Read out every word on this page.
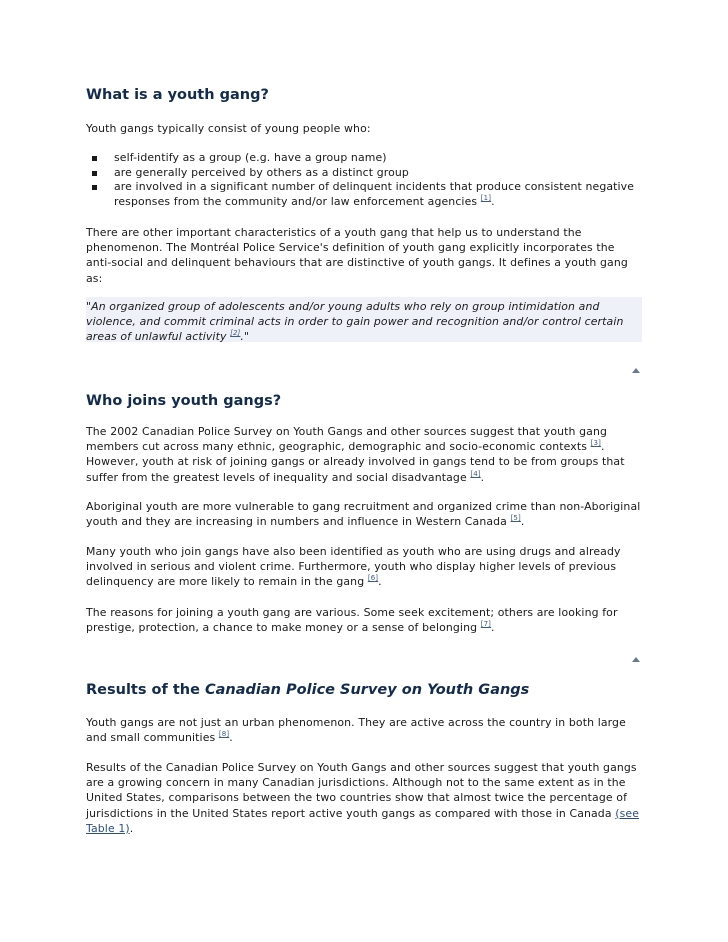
What is a youth gang?

Youth gangs typically consist of young people who:

self-identify as a group (e.g. have a group name)
are generally perceived by others as a distinct group
are involved in a significant number of delinquent incidents that produce consistent negative responses from the community and/or law enforcement agencies [1].

There are other important characteristics of a youth gang that help us to understand the phenomenon. The Montréal Police Service's definition of youth gang explicitly incorporates the anti-social and delinquent behaviours that are distinctive of youth gangs. It defines a youth gang as:

"An organized group of adolescents and/or young adults who rely on group intimidation and violence, and commit criminal acts in order to gain power and recognition and/or control certain areas of unlawful activity [2]."
Who joins youth gangs?

The 2002 Canadian Police Survey on Youth Gangs and other sources suggest that youth gang members cut across many ethnic, geographic, demographic and socio-economic contexts [3]. However, youth at risk of joining gangs or already involved in gangs tend to be from groups that suffer from the greatest levels of inequality and social disadvantage [4].

Aboriginal youth are more vulnerable to gang recruitment and organized crime than non-Aboriginal youth and they are increasing in numbers and influence in Western Canada [5].

Many youth who join gangs have also been identified as youth who are using drugs and already involved in serious and violent crime. Furthermore, youth who display higher levels of previous delinquency are more likely to remain in the gang [6].

The reasons for joining a youth gang are various. Some seek excitement; others are looking for prestige, protection, a chance to make money or a sense of belonging [7].

Results of the Canadian Police Survey on Youth Gangs

Youth gangs are not just an urban phenomenon. They are active across the country in both large and small communities [8].

Results of the Canadian Police Survey on Youth Gangs and other sources suggest that youth gangs are a growing concern in many Canadian jurisdictions. Although not to the same extent as in the United States, comparisons between the two countries show that almost twice the percentage of jurisdictions in the United States report active youth gangs as compared with those in Canada (see Table 1).
